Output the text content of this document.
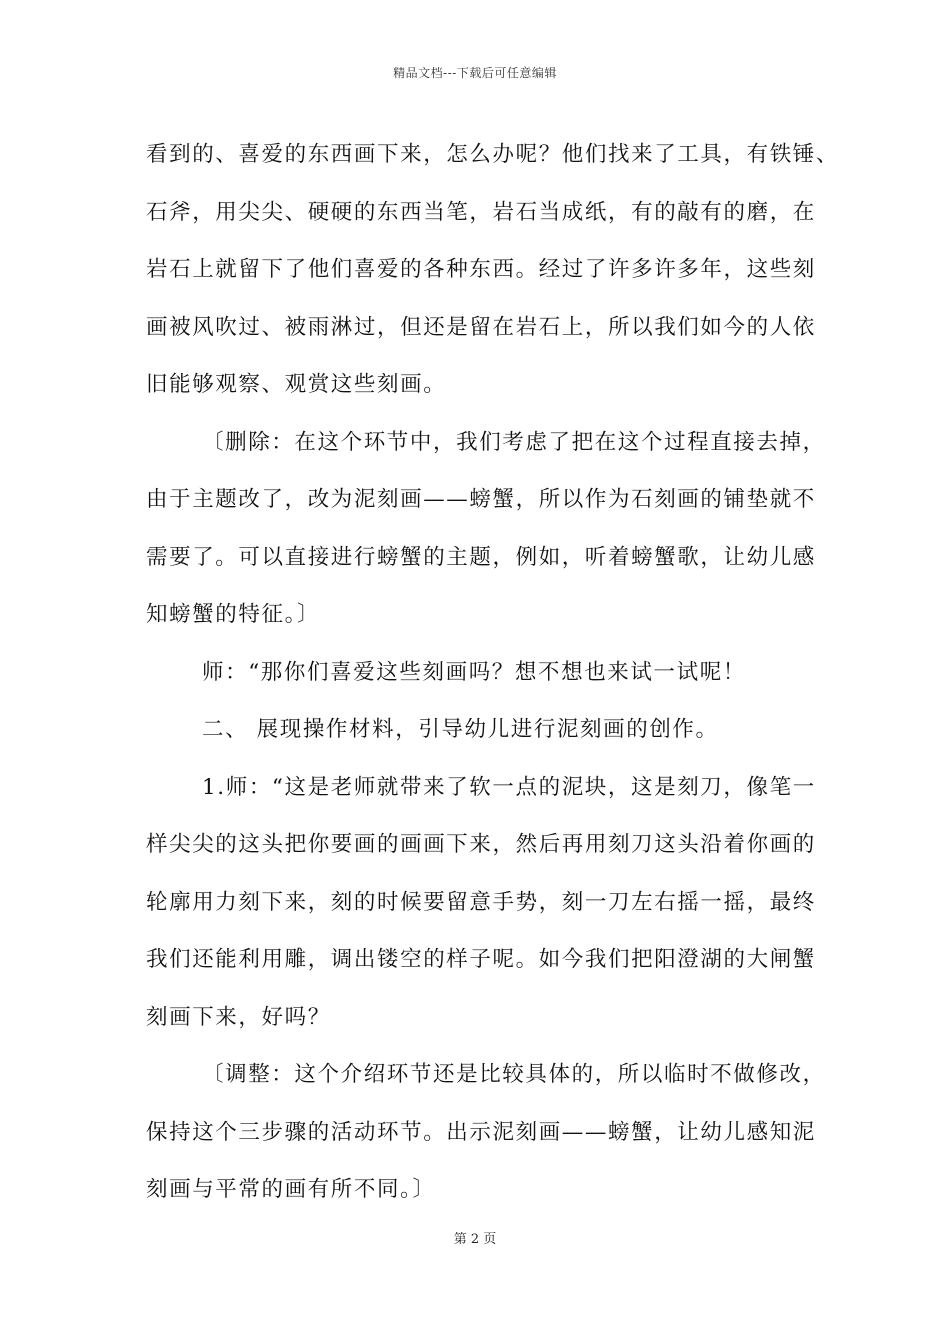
精品文档---下载后可任意编辑
看到的、喜爱的东西画下来，怎么办呢？他们找来了工具，有铁锤、
石斧，用尖尖、硬硬的东西当笔，岩石当成纸，有的敲有的磨，在
岩石上就留下了他们喜爱的各种东西。经过了许多许多年，这些刻
画被风吹过、被雨淋过，但还是留在岩石上，所以我们如今的人依
旧能够观察、观赏这些刻画。
〔删除：在这个环节中，我们考虑了把在这个过程直接去掉，
由于主题改了，改为泥刻画——螃蟹，所以作为石刻画的铺垫就不
需要了。可以直接进行螃蟹的主题，例如，听着螃蟹歌，让幼儿感
知螃蟹的特征。〕
师：“那你们喜爱这些刻画吗？想不想也来试一试呢！
二、 展现操作材料，引导幼儿进行泥刻画的创作。
1.师：“这是老师就带来了软一点的泥块，这是刻刀，像笔一
样尖尖的这头把你要画的画画下来，然后再用刻刀这头沿着你画的
轮廓用力刻下来，刻的时候要留意手势，刻一刀左右摇一摇，最终
我们还能利用雕，调出镂空的样子呢。如今我们把阳澄湖的大闸蟹
刻画下来，好吗？
〔调整：这个介绍环节还是比较具体的，所以临时不做修改，
保持这个三步骤的活动环节。出示泥刻画——螃蟹，让幼儿感知泥
刻画与平常的画有所不同。〕
第 2 页
